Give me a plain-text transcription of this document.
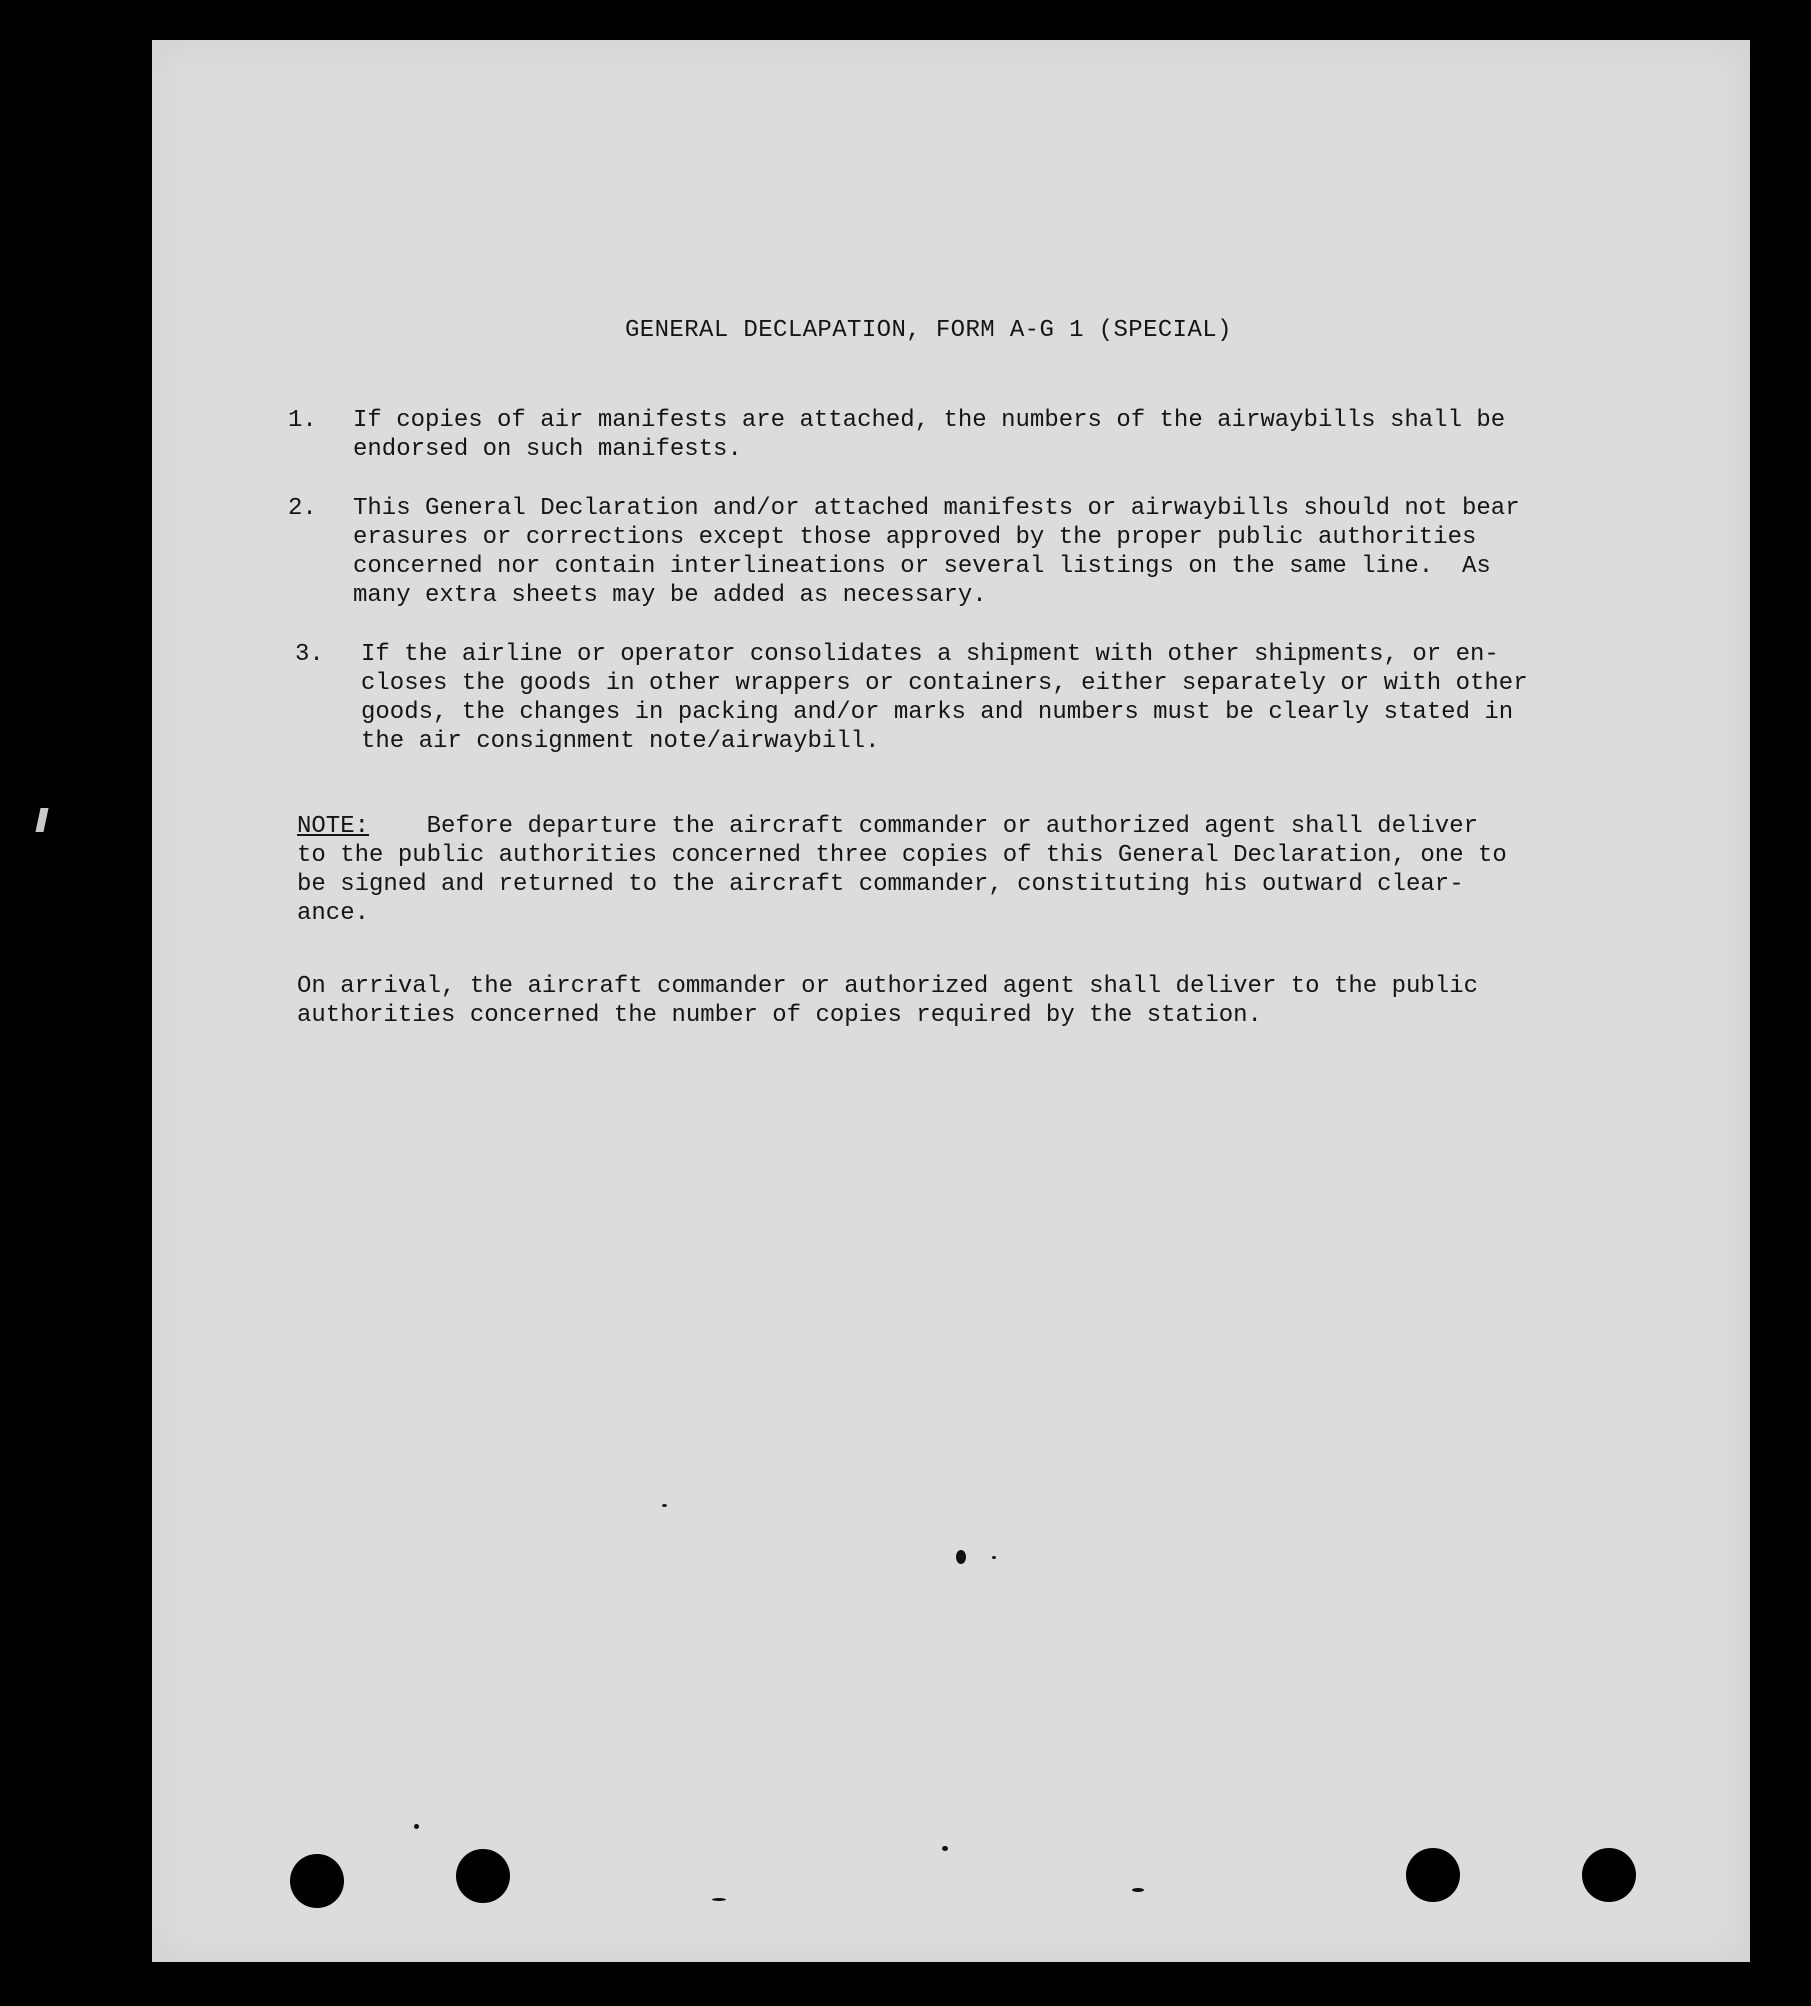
GENERAL DECLAPATION, FORM A-G 1 (SPECIAL)
1. If copies of air manifests are attached, the numbers of the airwaybills shall be
endorsed on such manifests.
2. This General Declaration and/or attached manifests or airwaybills should not bear
erasures or corrections except those approved by the proper public authorities
concerned nor contain interlineations or several listings on the same line.  As
many extra sheets may be added as necessary.
3. If the airline or operator consolidates a shipment with other shipments, or en-
closes the goods in other wrappers or containers, either separately or with other
goods, the changes in packing and/or marks and numbers must be clearly stated in
the air consignment note/airwaybill.
NOTE:    Before departure the aircraft commander or authorized agent shall deliver
to the public authorities concerned three copies of this General Declaration, one to
be signed and returned to the aircraft commander, constituting his outward clear-
ance.
On arrival, the aircraft commander or authorized agent shall deliver to the public
authorities concerned the number of copies required by the station.
